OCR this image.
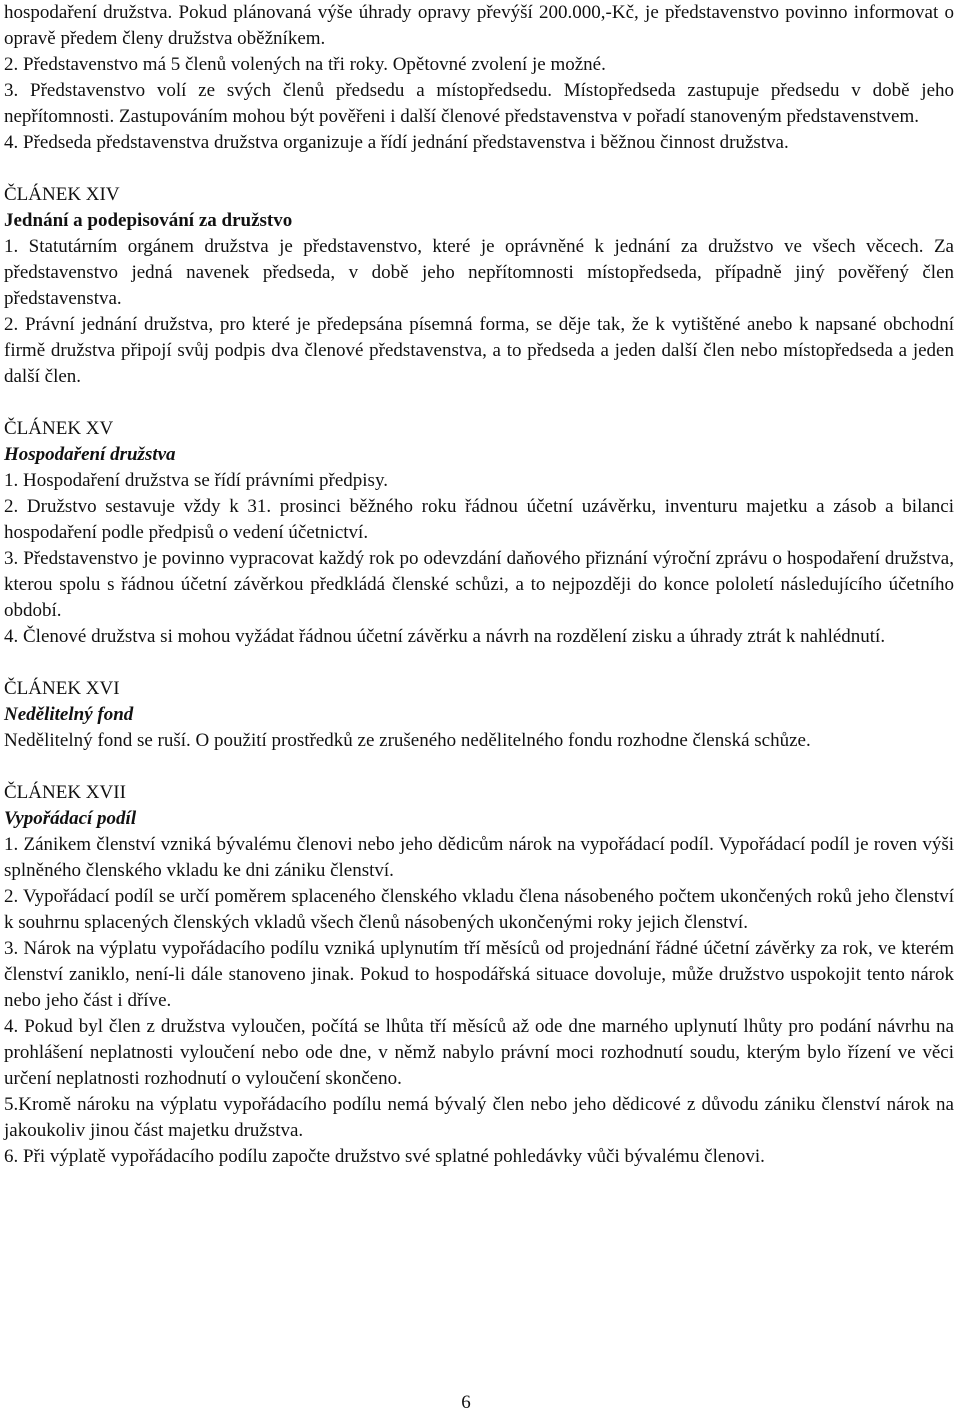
hospodaření družstva. Pokud plánovaná výše úhrady opravy převýší 200.000,-Kč, je představenstvo povinno informovat o opravě předem členy družstva oběžníkem.

2. Představenstvo má 5 členů volených na tři roky. Opětovné zvolení je možné.

3. Představenstvo volí ze svých členů předsedu a místopředsedu. Místopředseda zastupuje předsedu v době jeho nepřítomnosti. Zastupováním mohou být pověřeni i další členové představenstva v pořadí stanoveným představenstvem.

4. Předseda představenstva družstva organizuje a řídí jednání představenstva i běžnou činnost družstva.

ČLÁNEK XIV
Jednání a podepisování za družstvo

1. Statutárním orgánem družstva je představenstvo, které je oprávněné k jednání za družstvo ve všech věcech. Za představenstvo jedná navenek předseda, v době jeho nepřítomnosti místopředseda, případně jiný pověřený člen představenstva.

2. Právní jednání družstva, pro které je předepsána písemná forma, se děje tak, že k vytištěné anebo k napsané obchodní firmě družstva připojí svůj podpis dva členové představenstva, a to předseda a jeden další člen nebo místopředseda a jeden další člen.

ČLÁNEK XV
Hospodaření družstva

1. Hospodaření družstva se řídí právními předpisy.

2. Družstvo sestavuje vždy k 31. prosinci běžného roku řádnou účetní uzávěrku, inventuru majetku a zásob a bilanci hospodaření podle předpisů o vedení účetnictví.

3. Představenstvo je povinno vypracovat každý rok po odevzdání daňového přiznání výroční zprávu o hospodaření družstva, kterou spolu s řádnou účetní závěrkou předkládá členské schůzi, a to nejpozději do konce pololetí následujícího účetního období.

4. Členové družstva si mohou vyžádat řádnou účetní závěrku a návrh na rozdělení zisku a úhrady ztrát k nahlédnutí.

ČLÁNEK XVI
Nedělitelný fond

Nedělitelný fond se ruší. O použití prostředků ze zrušeného nedělitelného fondu rozhodne členská schůze.

ČLÁNEK XVII
Vypořádací podíl

1. Zánikem členství vzniká bývalému členovi nebo jeho dědicům nárok na vypořádací podíl. Vypořádací podíl je roven výši splněného členského vkladu ke dni zániku členství.

2. Vypořádací podíl se určí poměrem splaceného členského vkladu člena násobeného počtem ukončených roků jeho členství k souhrnu splacených členských vkladů všech členů násobených ukončenými roky jejich členství.

3. Nárok na výplatu vypořádacího podílu vzniká uplynutím tří měsíců od projednání řádné účetní závěrky za rok, ve kterém členství zaniklo, není-li dále stanoveno jinak. Pokud to hospodářská situace dovoluje, může družstvo uspokojit tento nárok nebo jeho část i dříve.

4. Pokud byl člen z družstva vyloučen, počítá se lhůta tří měsíců až ode dne marného uplynutí lhůty pro podání návrhu na prohlášení neplatnosti vyloučení nebo ode dne, v němž nabylo právní moci rozhodnutí soudu, kterým bylo řízení ve věci určení neplatnosti rozhodnutí o vyloučení skončeno.

5.Kromě nároku na výplatu vypořádacího podílu nemá bývalý člen nebo jeho dědicové z důvodu zániku členství nárok na jakoukoliv jinou část majetku družstva.

6. Při výplatě vypořádacího podílu započte družstvo své splatné pohledávky vůči bývalému členovi.

6
